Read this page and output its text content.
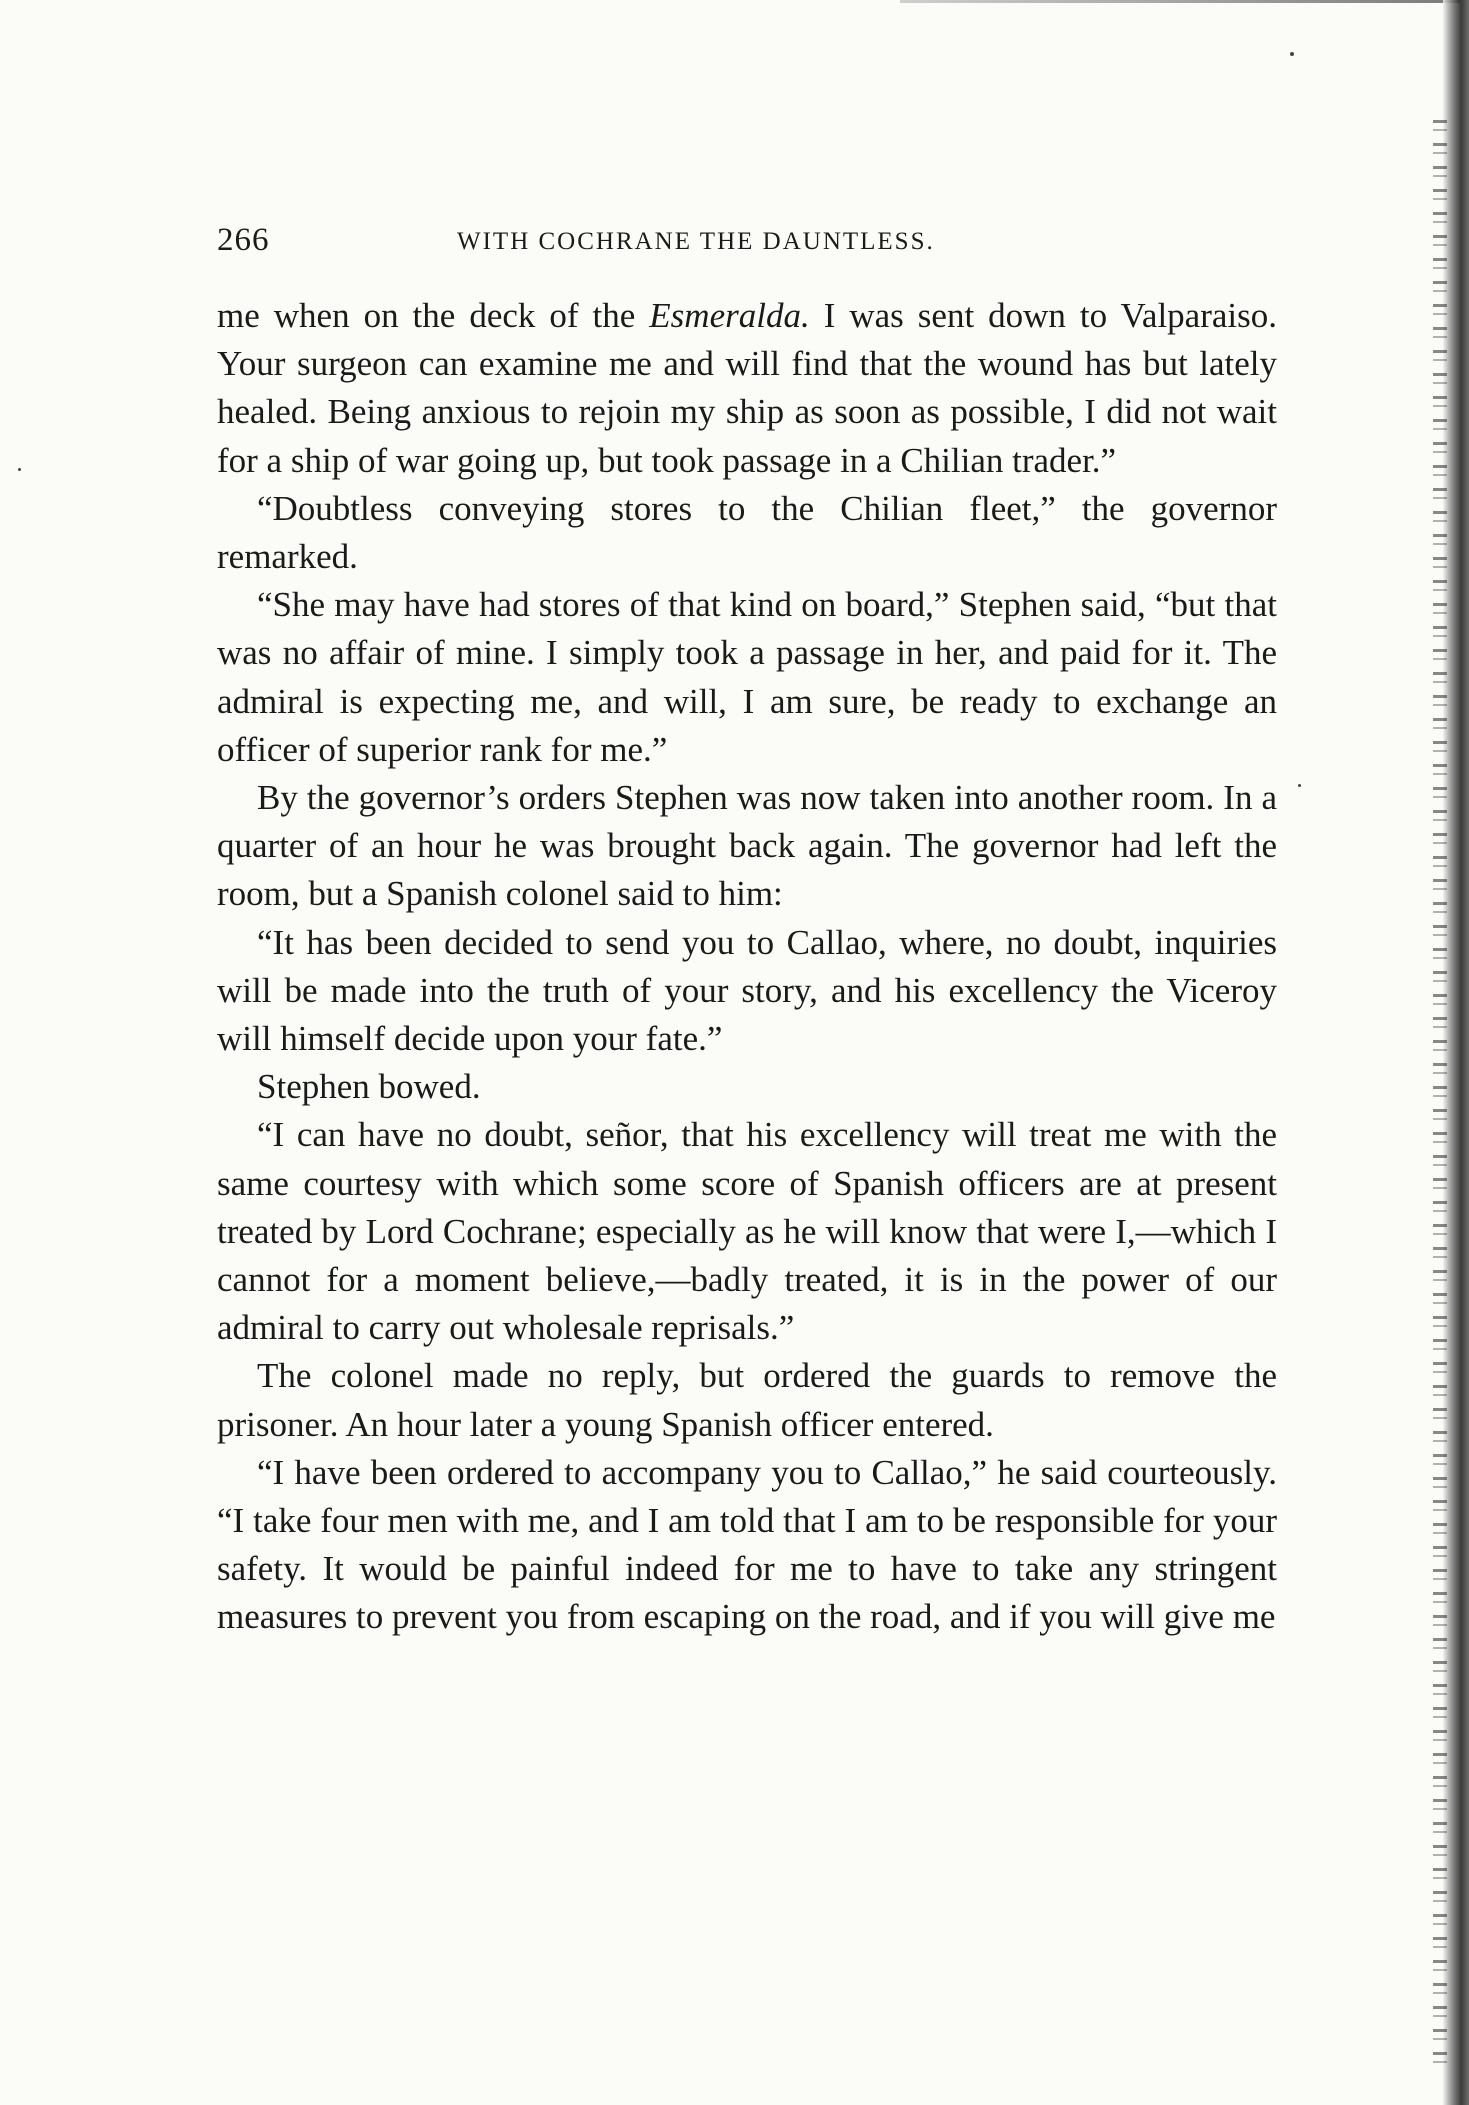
266	WITH COCHRANE THE DAUNTLESS.

me when on the deck of the Esmeralda. I was sent down to Valparaiso. Your surgeon can examine me and will find that the wound has but lately healed. Being anxious to rejoin my ship as soon as possible, I did not wait for a ship of war going up, but took passage in a Chilian trader.”

“Doubtless conveying stores to the Chilian fleet,” the governor remarked.

“She may have had stores of that kind on board,” Stephen said, “but that was no affair of mine. I simply took a passage in her, and paid for it. The admiral is expecting me, and will, I am sure, be ready to exchange an officer of superior rank for me.”

By the governor’s orders Stephen was now taken into another room. In a quarter of an hour he was brought back again. The governor had left the room, but a Spanish colonel said to him:

“It has been decided to send you to Callao, where, no doubt, inquiries will be made into the truth of your story, and his excellency the Viceroy will himself decide upon your fate.”

Stephen bowed.

“I can have no doubt, señor, that his excellency will treat me with the same courtesy with which some score of Spanish officers are at present treated by Lord Cochrane; especially as he will know that were I,—which I cannot for a moment believe,—badly treated, it is in the power of our admiral to carry out wholesale reprisals.”

The colonel made no reply, but ordered the guards to remove the prisoner. An hour later a young Spanish officer entered.

“I have been ordered to accompany you to Callao,” he said courteously. “I take four men with me, and I am told that I am to be responsible for your safety. It would be painful indeed for me to have to take any stringent measures to prevent you from escaping on the road, and if you will give me
